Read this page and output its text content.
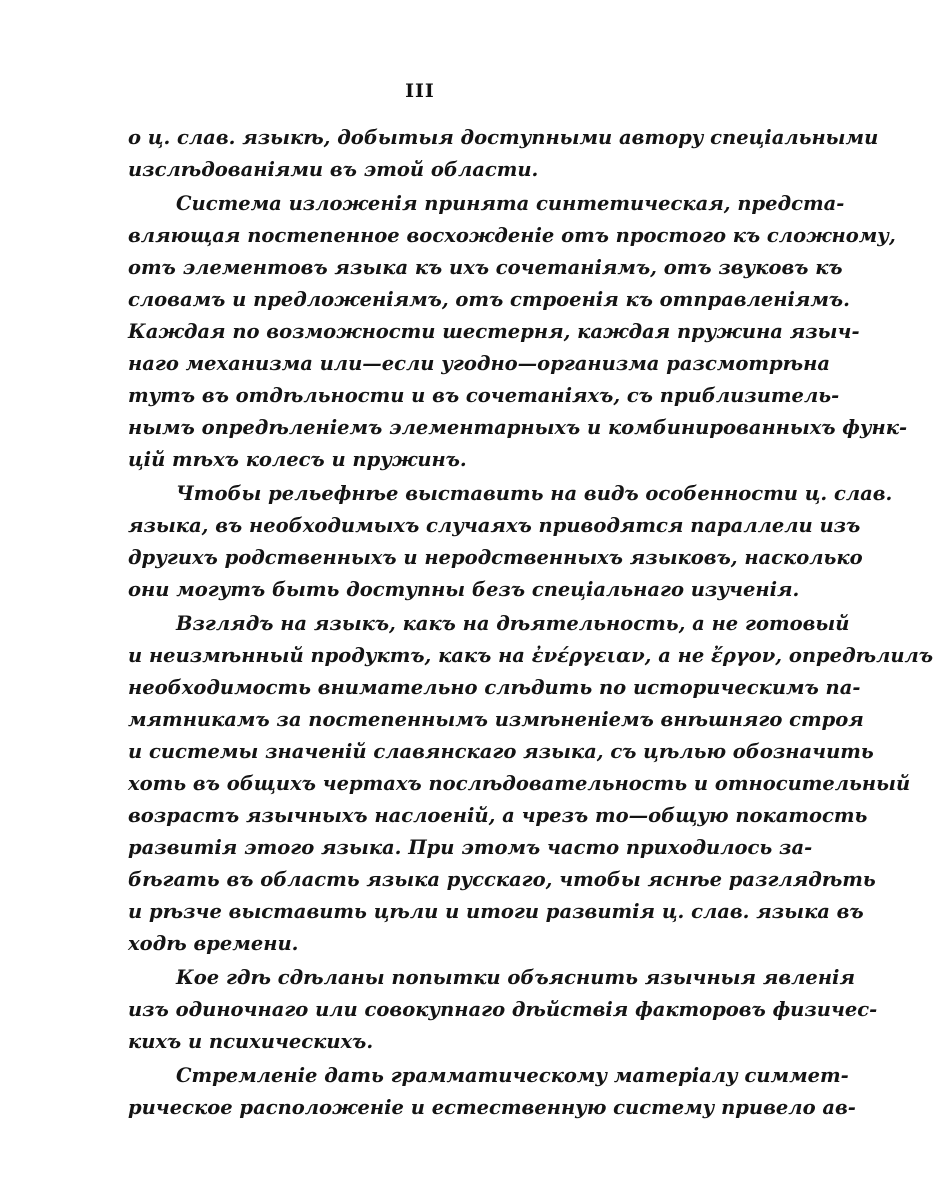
III
о ц. слав. языкѣ, добытыя доступными автору спеціальными
изслѣдованіями въ этой области.
Система изложенія принята синтетическая, предста-
вляющая постепенное восхожденіе отъ простого къ сложному,
отъ элементовъ языка къ ихъ сочетаніямъ, отъ звуковъ къ
словамъ и предложеніямъ, отъ строенія къ отправленіямъ.
Каждая по возможности шестерня, каждая пружина языч-
наго механизма или—если угодно—организма разсмотрѣна
тутъ въ отдѣльности и въ сочетаніяхъ, съ приблизитель-
нымъ опредѣленіемъ элементарныхъ и комбинированныхъ функ-
цій тѣхъ колесъ и пружинъ.
Чтобы рельефнѣе выставить на видъ особенности ц. слав.
языка, въ необходимыхъ случаяхъ приводятся параллели изъ
другихъ родственныхъ и неродственныхъ языковъ, насколько
они могутъ быть доступны безъ спеціальнаго изученія.
Взглядъ на языкъ, какъ на дѣятельность, а не готовый
и неизмѣнный продуктъ, какъ на ἐνέργειαν, а не ἔργον, опредѣлилъ
необходимость внимательно слѣдить по историческимъ па-
мятникамъ за постепеннымъ измѣненіемъ внѣшняго строя
и системы значеній славянскаго языка, съ цѣлью обозначить
хоть въ общихъ чертахъ послѣдовательность и относительный
возрастъ язычныхъ наслоеній, а чрезъ то—общую покатость
развитія этого языка. При этомъ часто приходилось за-
бѣгать въ область языка русскаго, чтобы яснѣе разглядѣть
и рѣзче выставить цѣли и итоги развитія ц. слав. языка въ
ходѣ времени.
Кое гдѣ сдѣланы попытки объяснить язычныя явленія
изъ одиночнаго или совокупнаго дѣйствія факторовъ физичес-
кихъ и психическихъ.
Стремленіе дать грамматическому матеріалу симмет-
рическое расположеніе и естественную систему привело ав-
